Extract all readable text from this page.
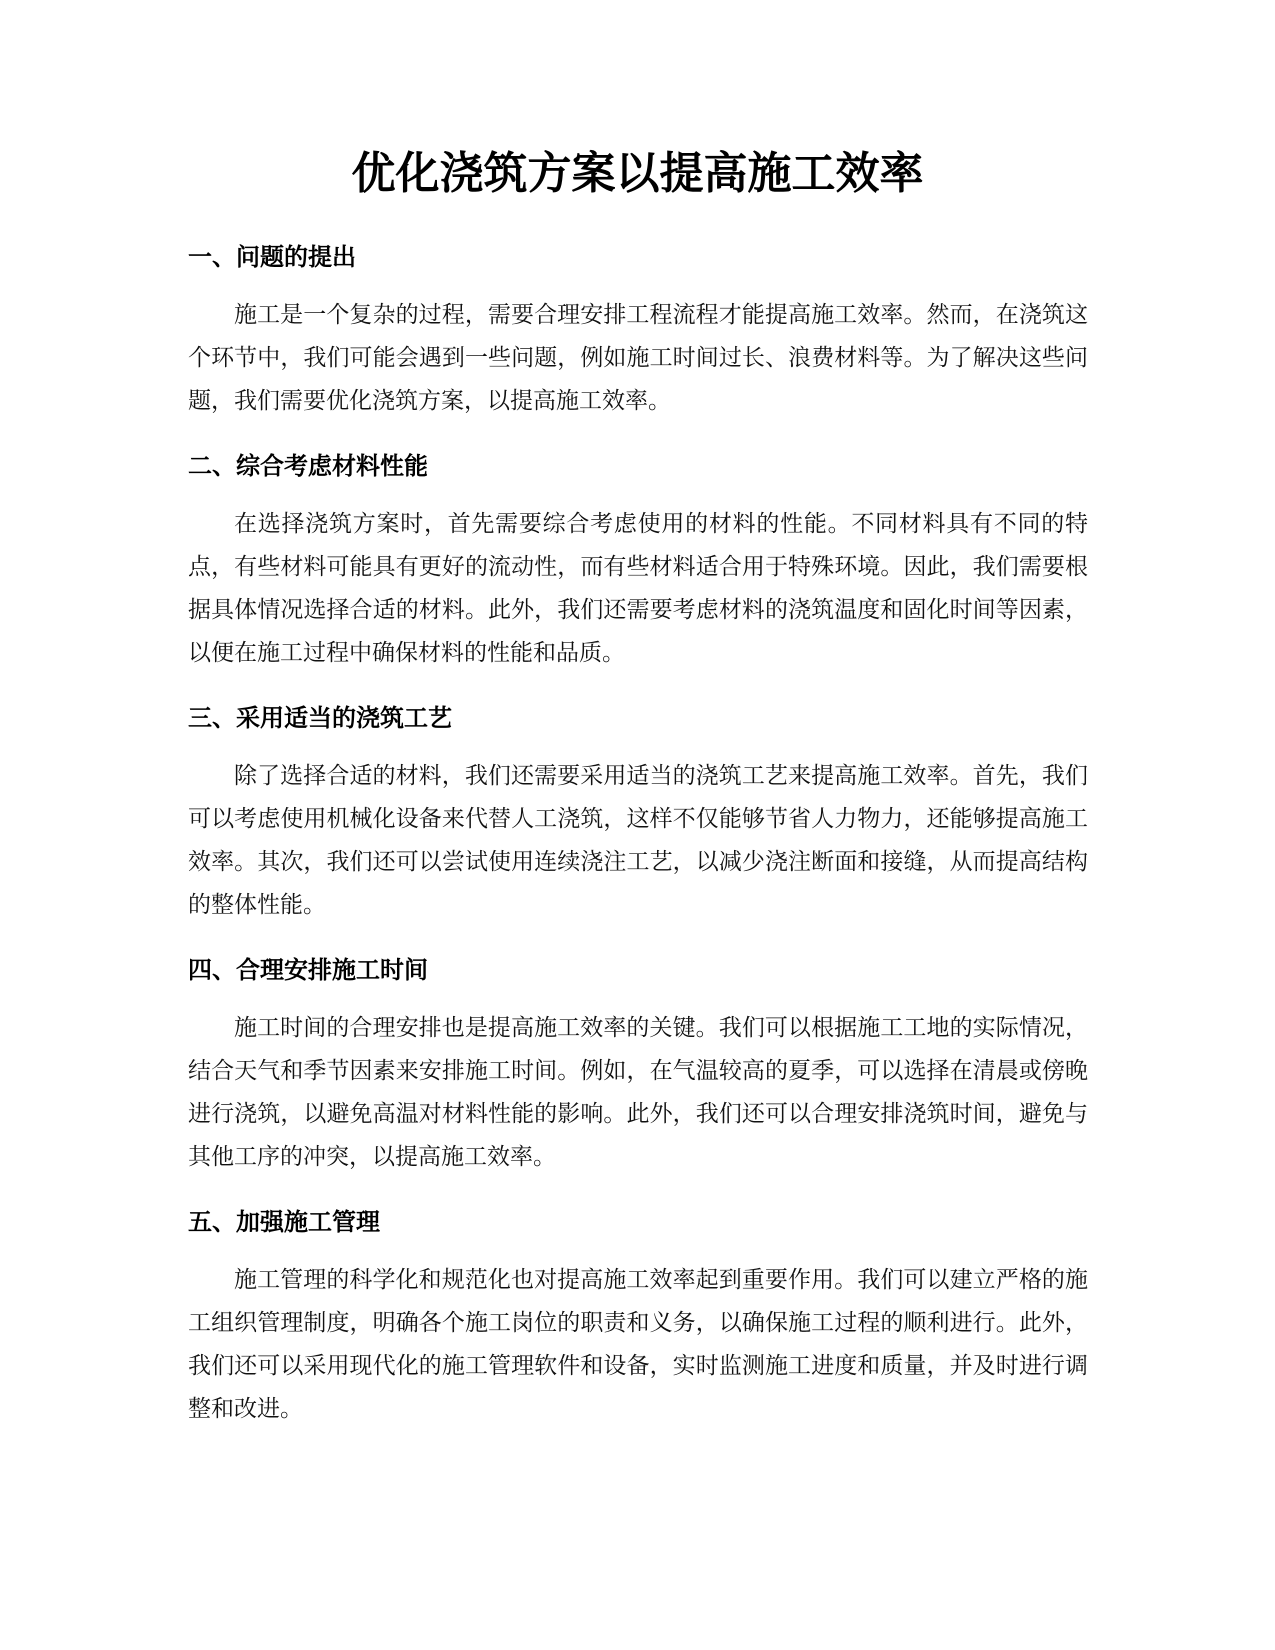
优化浇筑方案以提高施工效率
一、问题的提出

施工是一个复杂的过程，需要合理安排工程流程才能提高施工效率。然而，在浇筑这个环节中，我们可能会遇到一些问题，例如施工时间过长、浪费材料等。为了解决这些问题，我们需要优化浇筑方案，以提高施工效率。

二、综合考虑材料性能

在选择浇筑方案时，首先需要综合考虑使用的材料的性能。不同材料具有不同的特点，有些材料可能具有更好的流动性，而有些材料适合用于特殊环境。因此，我们需要根据具体情况选择合适的材料。此外，我们还需要考虑材料的浇筑温度和固化时间等因素，以便在施工过程中确保材料的性能和品质。

三、采用适当的浇筑工艺

除了选择合适的材料，我们还需要采用适当的浇筑工艺来提高施工效率。首先，我们可以考虑使用机械化设备来代替人工浇筑，这样不仅能够节省人力物力，还能够提高施工效率。其次，我们还可以尝试使用连续浇注工艺，以减少浇注断面和接缝，从而提高结构的整体性能。

四、合理安排施工时间

施工时间的合理安排也是提高施工效率的关键。我们可以根据施工工地的实际情况，结合天气和季节因素来安排施工时间。例如，在气温较高的夏季，可以选择在清晨或傍晚进行浇筑，以避免高温对材料性能的影响。此外，我们还可以合理安排浇筑时间，避免与其他工序的冲突，以提高施工效率。

五、加强施工管理

施工管理的科学化和规范化也对提高施工效率起到重要作用。我们可以建立严格的施工组织管理制度，明确各个施工岗位的职责和义务，以确保施工过程的顺利进行。此外，我们还可以采用现代化的施工管理软件和设备，实时监测施工进度和质量，并及时进行调整和改进。
